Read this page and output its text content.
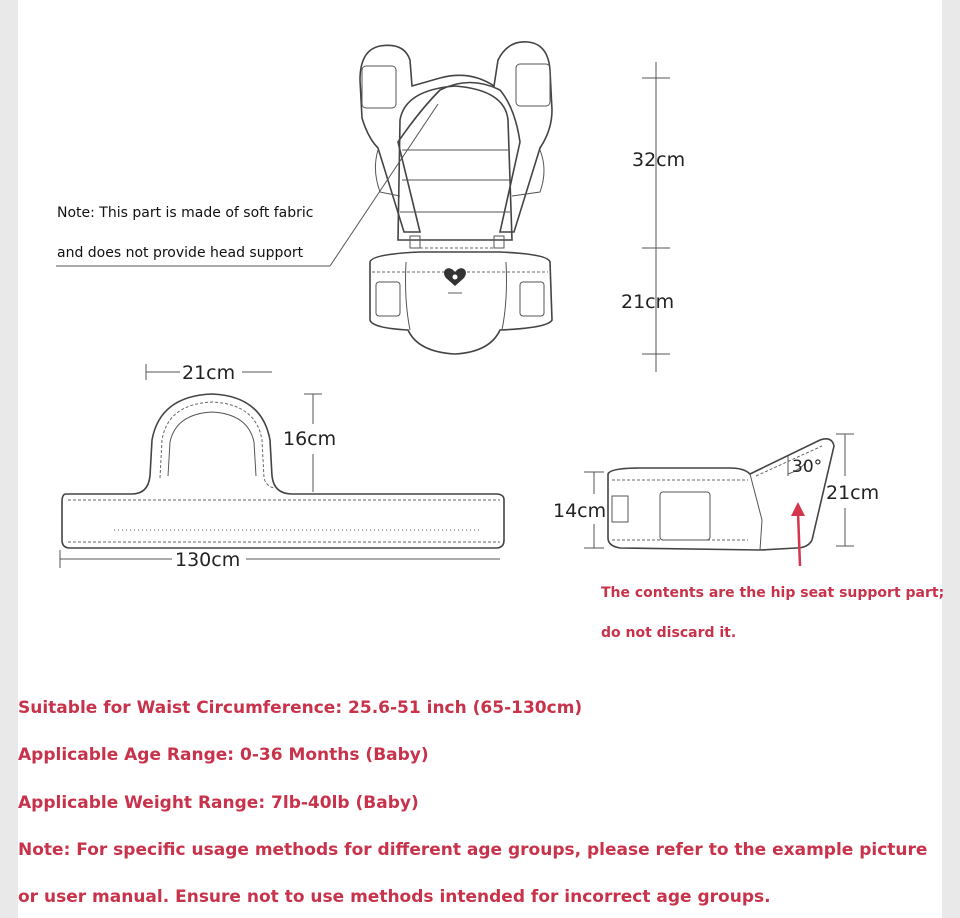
32cm
21cm
Note: This part is made of soft fabric
and does not provide head support
21cm
16cm
130cm
14cm
30°
21cm
The contents are the hip seat support part;
do not discard it.

Suitable for Waist Circumference: 25.6-51 inch (65-130cm)

Applicable Age Range: 0-36 Months (Baby)

Applicable Weight Range: 7lb-40lb (Baby)

Note: For specific usage methods for different age groups, please refer to the example picture

or user manual. Ensure not to use methods intended for incorrect age groups.
